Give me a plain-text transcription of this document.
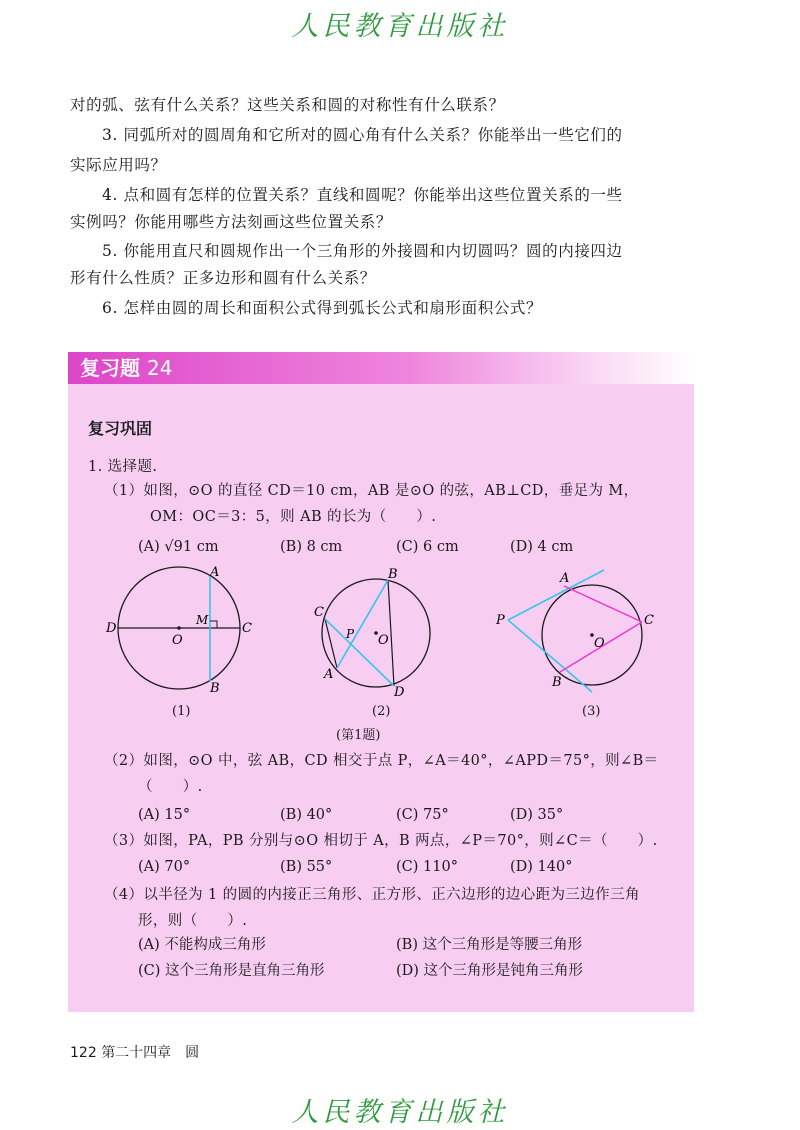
人民教育出版社
对的弧、弦有什么关系？这些关系和圆的对称性有什么联系？
3. 同弧所对的圆周角和它所对的圆心角有什么关系？你能举出一些它们的
实际应用吗？
4. 点和圆有怎样的位置关系？直线和圆呢？你能举出这些位置关系的一些
实例吗？你能用哪些方法刻画这些位置关系？
5. 你能用直尺和圆规作出一个三角形的外接圆和内切圆吗？圆的内接四边
形有什么性质？正多边形和圆有什么关系？
6. 怎样由圆的周长和面积公式得到弧长公式和扇形面积公式？
复习题 24
复习巩固
1. 选择题.
（1）如图，⊙O 的直径 CD＝10 cm，AB 是⊙O 的弦，AB⊥CD，垂足为 M，
OM：OC＝3：5，则 AB 的长为（　　）.
(A) √91 cm	(B) 8 cm	(C) 6 cm	(D) 4 cm
D
O
M
C
A
B
(1)
B
C
P O
A
D
(2)
A
P	C
O
B
(3)
(第1题)
（2）如图，⊙O 中，弦 AB，CD 相交于点 P，∠A＝40°，∠APD＝75°，则∠B＝
（　　）.
(A) 15°	(B) 40°	(C) 75°	(D) 35°
（3）如图，PA，PB 分别与⊙O 相切于 A，B 两点，∠P＝70°，则∠C＝（　　）.
(A) 70°	(B) 55°	(C) 110°	(D) 140°
（4）以半径为 1 的圆的内接正三角形、正方形、正六边形的边心距为三边作三角
形，则（　　）.
(A) 不能构成三角形	(B) 这个三角形是等腰三角形
(C) 这个三角形是直角三角形	(D) 这个三角形是钝角三角形
122 第二十四章　圆
人民教育出版社
